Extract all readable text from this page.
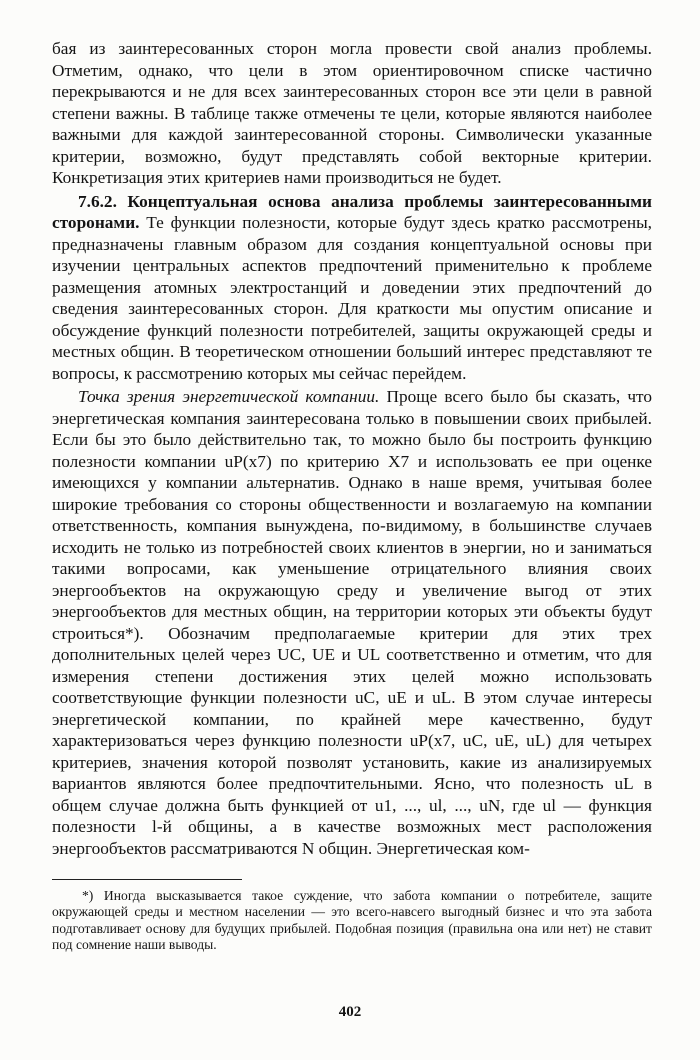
бая из заинтересованных сторон могла провести свой анализ проблемы. Отметим, однако, что цели в этом ориентировочном списке частично перекрываются и не для всех заинтересованных сторон все эти цели в равной степени важны. В таблице также отмечены те цели, которые являются наиболее важными для каждой заинтересованной стороны. Символически указанные критерии, возможно, будут представлять собой векторные критерии. Конкретизация этих критериев нами производиться не будет.

7.6.2. Концептуальная основа анализа проблемы заинтересованными сторонами. Те функции полезности, которые будут здесь кратко рассмотрены, предназначены главным образом для создания концептуальной основы при изучении центральных аспектов предпочтений применительно к проблеме размещения атомных электростанций и доведении этих предпочтений до сведения заинтересованных сторон. Для краткости мы опустим описание и обсуждение функций полезности потребителей, защиты окружающей среды и местных общин. В теоретическом отношении больший интерес представляют те вопросы, к рассмотрению которых мы сейчас перейдем.

Точка зрения энергетической компании. Проще всего было бы сказать, что энергетическая компания заинтересована только в повышении своих прибылей. Если бы это было действительно так, то можно было бы построить функцию полезности компании uP(x7) по критерию X7 и использовать ее при оценке имеющихся у компании альтернатив. Однако в наше время, учитывая более широкие требования со стороны общественности и возлагаемую на компании ответственность, компания вынуждена, по-видимому, в большинстве случаев исходить не только из потребностей своих клиентов в энергии, но и заниматься такими вопросами, как уменьшение отрицательного влияния своих энергообъектов на окружающую среду и увеличение выгод от этих энергообъектов для местных общин, на территории которых эти объекты будут строиться*). Обозначим предполагаемые критерии для этих трех дополнительных целей через UC, UE и UL соответственно и отметим, что для измерения степени достижения этих целей можно использовать соответствующие функции полезности uC, uE и uL. В этом случае интересы энергетической компании, по крайней мере качественно, будут характеризоваться через функцию полезности uP(x7, uC, uE, uL) для четырех критериев, значения которой позволят установить, какие из анализируемых вариантов являются более предпочтительными. Ясно, что полезность uL в общем случае должна быть функцией от u1, ..., ul, ..., uN, где ul — функция полезности l-й общины, а в качестве возможных мест расположения энергообъектов рассматриваются N общин. Энергетическая ком-

*) Иногда высказывается такое суждение, что забота компании о потребителе, защите окружающей среды и местном населении — это всего-навсего выгодный бизнес и что эта забота подготавливает основу для будущих прибылей. Подобная позиция (правильна она или нет) не ставит под сомнение наши выводы.

402
